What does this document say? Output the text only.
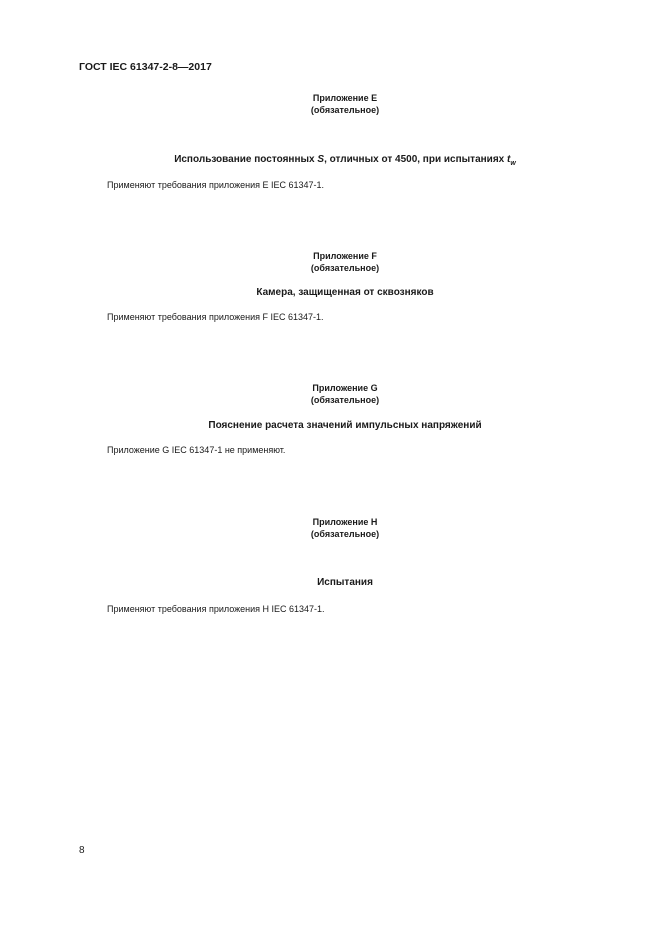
ГОСТ IEC 61347-2-8—2017
Приложение E
(обязательное)
Использование постоянных S, отличных от 4500, при испытаниях $t_w$
Применяют требования приложения E IEC 61347-1.
Приложение F
(обязательное)
Камера, защищенная от сквозняков
Применяют требования приложения F IEC 61347-1.
Приложение G
(обязательное)
Пояснение расчета значений импульсных напряжений
Приложение G IEC 61347-1 не применяют.
Приложение H
(обязательное)
Испытания
Применяют требования приложения H IEC 61347-1.
8
